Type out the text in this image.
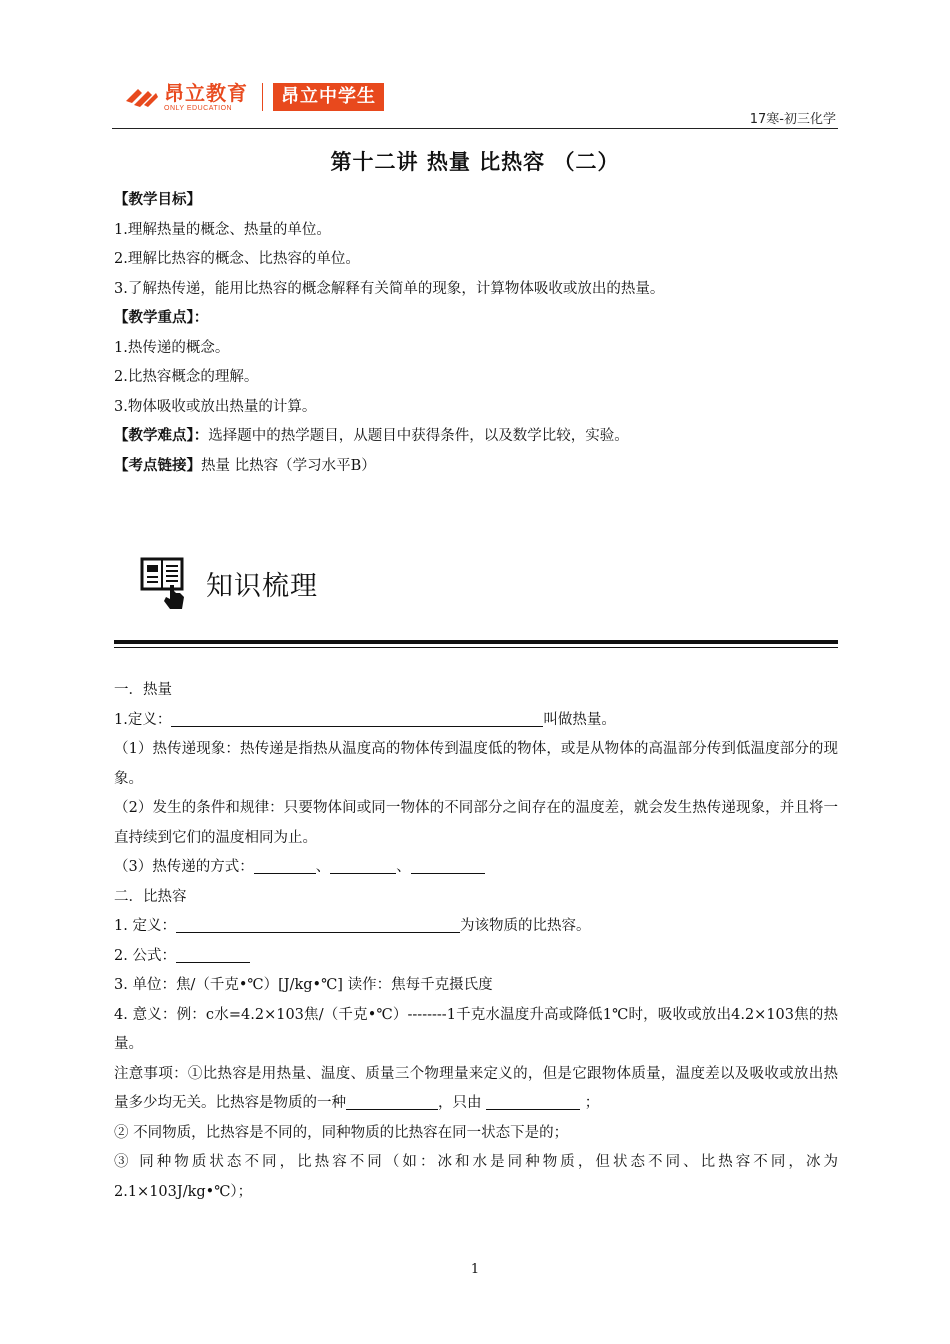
昂立教育
ONLY EDUCATION
昂立中学生
17寒-初三化学
第十二讲 热量 比热容 （二）
【教学目标】
1.理解热量的概念、热量的单位。
2.理解比热容的概念、比热容的单位。
3.了解热传递，能用比热容的概念解释有关简单的现象，计算物体吸收或放出的热量。
【教学重点】：
1.热传递的概念。
2.比热容概念的理解。
3.物体吸收或放出热量的计算。
【教学难点】：选择题中的热学题目，从题目中获得条件，以及数学比较，实验。
【考点链接】热量 比热容（学习水平B）
知识梳理
一．热量
1.定义：	叫做热量。
（1）热传递现象：热传递是指热从温度高的物体传到温度低的物体，或是从物体的高温部分传到低温度部分的现象。
（2）发生的条件和规律：只要物体间或同一物体的不同部分之间存在的温度差，就会发生热传递现象，并且将一直持续到它们的温度相同为止。
（3）热传递的方式：	、	、
二．比热容
1. 定义：	为该物质的比热容。
2. 公式：
3. 单位：焦/（千克•℃）[J/kg•℃] 读作：焦每千克摄氏度
4. 意义：例：c水=4.2×103焦/（千克•℃）--------1千克水温度升高或降低1℃时，吸收或放出4.2×103焦的热量。
注意事项：①比热容是用热量、温度、质量三个物理量来定义的，但是它跟物体质量，温度差以及吸收或放出热量多少均无关。比热容是物质的一种	，只由	；
② 不同物质，比热容是不同的，同种物质的比热容在同一状态下是的；
③ 同种物质状态不同，比热容不同（如：冰和水是同种物质，但状态不同、比热容不同，冰为2.1×103J/kg•℃）；
1
